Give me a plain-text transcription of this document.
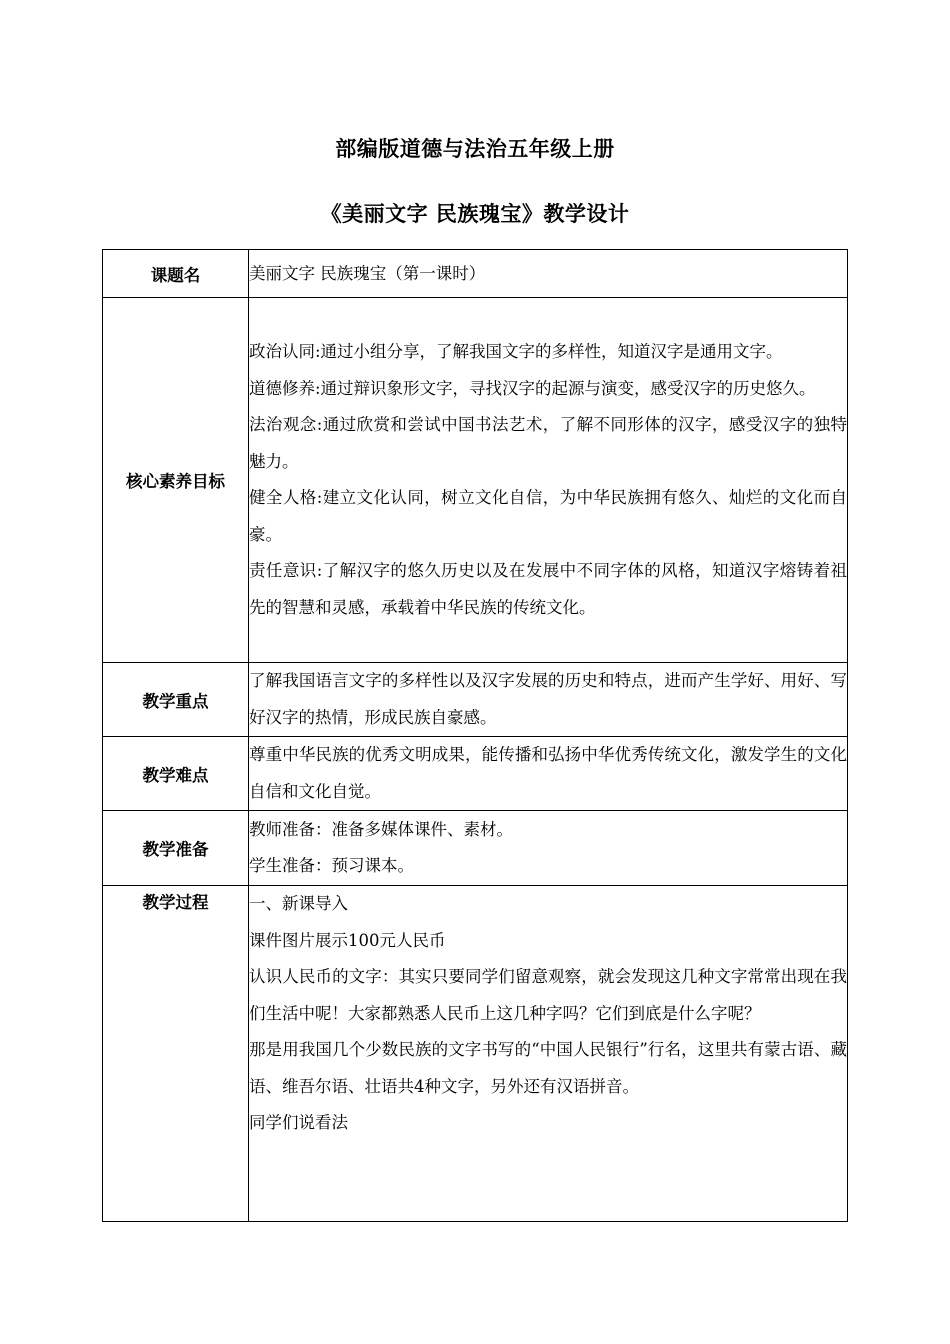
部编版道德与法治五年级上册
《美丽文字 民族瑰宝》教学设计
课题名	美丽文字 民族瑰宝（第一课时）
核心素养目标	政治认同:通过小组分享，了解我国文字的多样性，知道汉字是通用文字。

道德修养:通过辩识象形文字，寻找汉字的起源与演变，感受汉字的历史悠久。

法治观念:通过欣赏和尝试中国书法艺术，了解不同形体的汉字，感受汉字的独特魅力。

健全人格:建立文化认同，树立文化自信，为中华民族拥有悠久、灿烂的文化而自豪。

责任意识:了解汉字的悠久历史以及在发展中不同字体的风格，知道汉字熔铸着祖先的智慧和灵感，承载着中华民族的传统文化。

教学重点	了解我国语言文字的多样性以及汉字发展的历史和特点，进而产生学好、用好、写好汉字的热情，形成民族自豪感。
教学难点	尊重中华民族的优秀文明成果，能传播和弘扬中华优秀传统文化，激发学生的文化自信和文化自觉。
教学准备	教师准备：准备多媒体课件、素材。

学生准备：预习课本。

教学过程	一、新课导入

课件图片展示100元人民币

认识人民币的文字：其实只要同学们留意观察，就会发现这几种文字常常出现在我们生活中呢！大家都熟悉人民币上这几种字吗？它们到底是什么字呢？

那是用我国几个少数民族的文字书写的“中国人民银行”行名，这里共有蒙古语、藏语、维吾尔语、壮语共4种文字，另外还有汉语拼音。

同学们说看法
